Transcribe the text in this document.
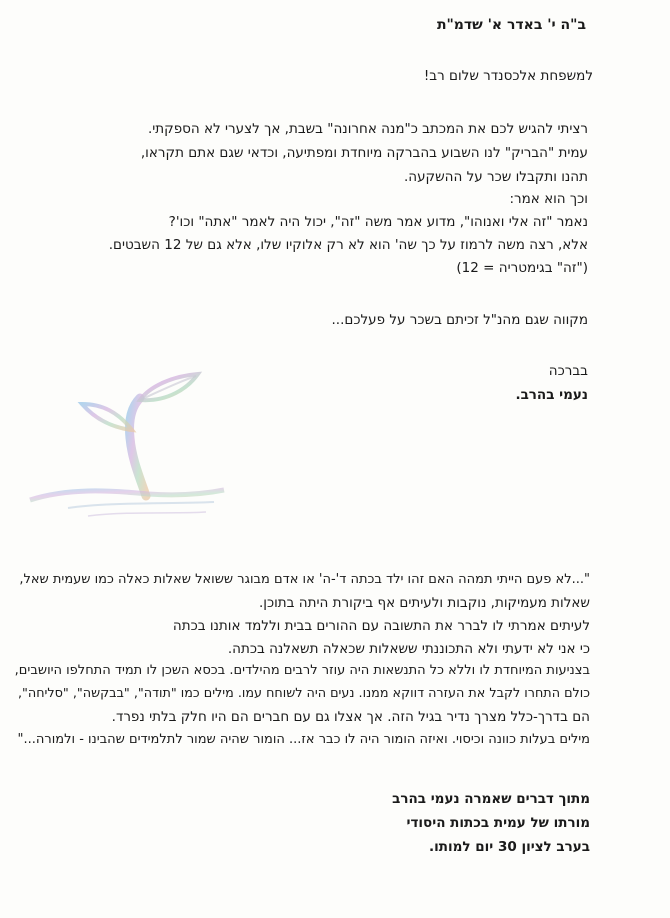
ב"ה י' באדר א' שדמ"ת
למשפחת אלכסנדר שלום רב!
רציתי להגיש לכם את המכתב כ"מנה אחרונה" בשבת, אך לצערי לא הספקתי.
עמית "הבריק" לנו השבוע בהברקה מיוחדת ומפתיעה, וכדאי שגם אתם תקראו,
תהנו ותקבלו שכר על ההשקעה.
וכך הוא אמר:
נאמר "זה אלי ואנוהו", מדוע אמר משה "זה", יכול היה לאמר "אתה" וכו'?
אלא, רצה משה לרמוז על כך שה' הוא לא רק אלוקיו שלו, אלא גם של 12 השבטים.
("זה" בגימטריה = 12)
מקווה שגם מהנ"ל זכיתם בשכר על פעלכם...
בברכה
נעמי בהרב.
"...לא פעם הייתי תמהה האם זהו ילד בכתה ד'-ה' או אדם מבוגר ששואל שאלות כאלה כמו שעמית שאל,
שאלות מעמיקות, נוקבות ולעיתים אף ביקורת היתה בתוכן.
לעיתים אמרתי לו לברר את התשובה עם ההורים בבית וללמד אותנו בכתה
כי אני לא ידעתי ולא התכוננתי ששאלות שכאלה תשאלנה בכתה.
בצניעות המיוחדת לו וללא כל התנשאות היה עוזר לרבים מהילדים. בכסא השכן לו תמיד התחלפו היושבים,
כולם התחרו לקבל את העזרה דווקא ממנו. נעים היה לשוחח עמו. מילים כמו "תודה", "בבקשה", "סליחה",
הם בדרך-כלל מצרך נדיר בגיל הזה. אך אצלו גם עם חברים הם היו חלק בלתי נפרד.
מילים בעלות כוונה וכיסוי. ואיזה הומור היה לו כבר אז... הומור שהיה שמור לתלמידים שהבינו - ולמורה..."
מתוך דברים שאמרה נעמי בהרב
מורתו של עמית בכתות היסודי
בערב לציון 30 יום למותו.
